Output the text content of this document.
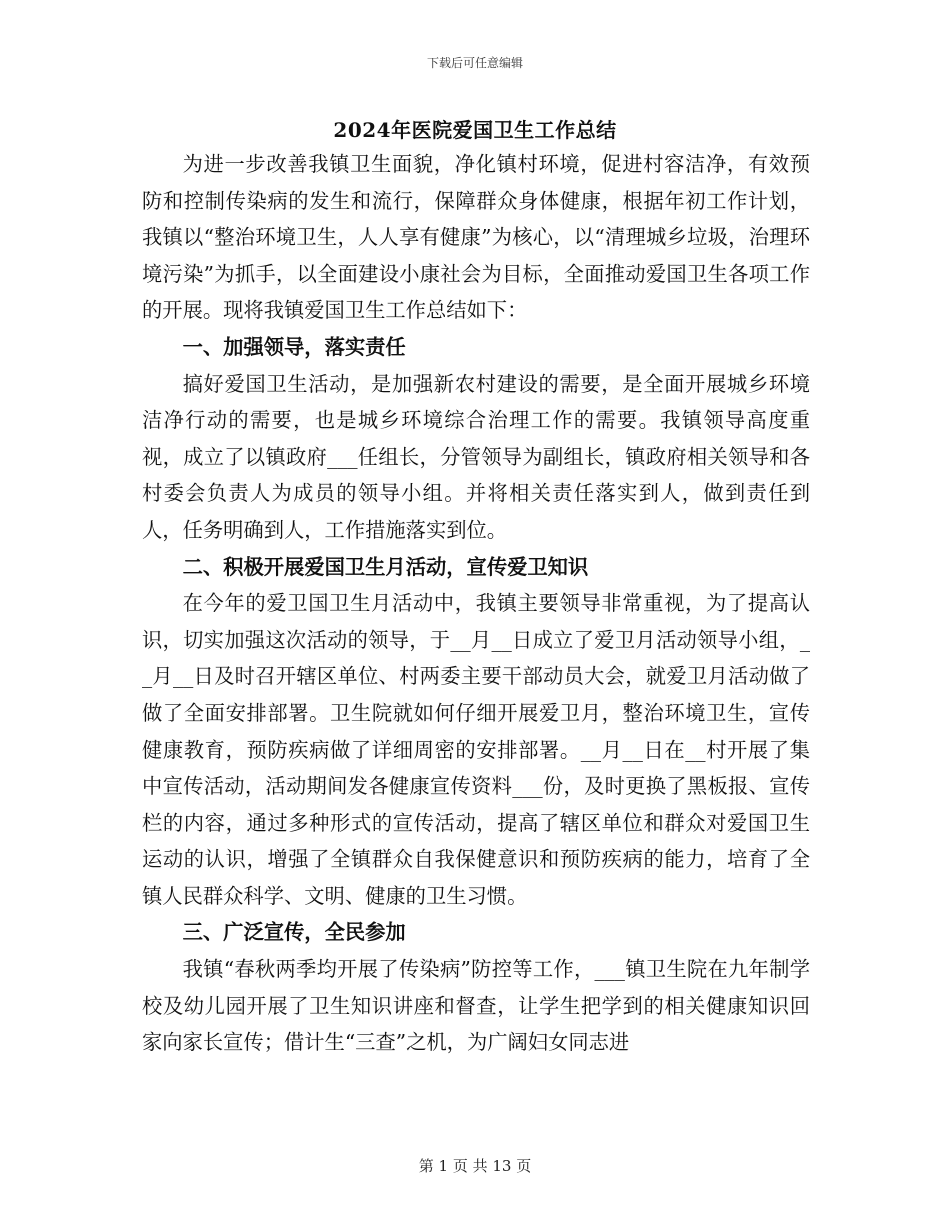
下载后可任意编辑
2024年医院爱国卫生工作总结

为进一步改善我镇卫生面貌，净化镇村环境，促进村容洁净，有效预防和控制传染病的发生和流行，保障群众身体健康，根据年初工作计划，我镇以“整治环境卫生，人人享有健康”为核心，以“清理城乡垃圾，治理环境污染”为抓手，以全面建设小康社会为目标，全面推动爱国卫生各项工作的开展。现将我镇爱国卫生工作总结如下：

一、加强领导，落实责任

搞好爱国卫生活动，是加强新农村建设的需要，是全面开展城乡环境洁净行动的需要，也是城乡环境综合治理工作的需要。我镇领导高度重视，成立了以镇政府___任组长，分管领导为副组长，镇政府相关领导和各村委会负责人为成员的领导小组。并将相关责任落实到人，做到责任到人，任务明确到人，工作措施落实到位。

二、积极开展爱国卫生月活动，宣传爱卫知识

在今年的爱卫国卫生月活动中，我镇主要领导非常重视，为了提高认识，切实加强这次活动的领导，于__月__日成立了爱卫月活动领导小组，__月__日及时召开辖区单位、村两委主要干部动员大会，就爱卫月活动做了做了全面安排部署。卫生院就如何仔细开展爱卫月，整治环境卫生，宣传健康教育，预防疾病做了详细周密的安排部署。__月__日在__村开展了集中宣传活动，活动期间发各健康宣传资料___份，及时更换了黑板报、宣传栏的内容，通过多种形式的宣传活动，提高了辖区单位和群众对爱国卫生运动的认识，增强了全镇群众自我保健意识和预防疾病的能力，培育了全镇人民群众科学、文明、健康的卫生习惯。

三、广泛宣传，全民参加

我镇“春秋两季均开展了传染病”防控等工作，___镇卫生院在九年制学校及幼儿园开展了卫生知识讲座和督查，让学生把学到的相关健康知识回家向家长宣传；借计生“三查”之机，为广阔妇女同志进

第 1 页 共 13 页
